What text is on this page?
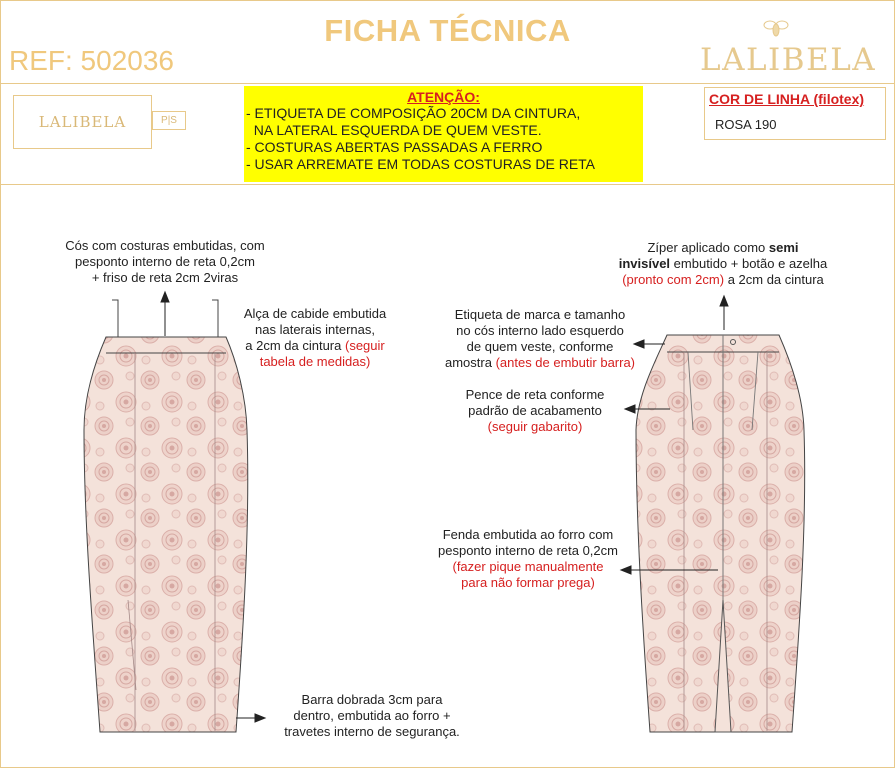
FICHA TÉCNICA
REF: 502036	LALIBELA
LALIBELA	P|S
ATENÇÃO:
- ETIQUETA DE COMPOSIÇÃO 20CM DA CINTURA,
NA LATERAL ESQUERDA DE QUEM VESTE.
- COSTURAS ABERTAS PASSADAS A FERRO
- USAR ARREMATE EM TODAS COSTURAS DE RETA
COR DE LINHA (filotex)
ROSA 190
Cós com costuras embutidas, com
pesponto interno de reta 0,2cm
+ friso de reta 2cm 2viras
Alça de cabide embutida
nas laterais internas,
a 2cm da cintura (seguir
tabela de medidas)
Barra dobrada 3cm para
dentro, embutida ao forro +
travetes interno de segurança.
Zíper aplicado como semi
invisível embutido + botão e azelha
(pronto com 2cm) a 2cm da cintura
Etiqueta de marca e tamanho
no cós interno lado esquerdo
de quem veste, conforme
amostra (antes de embutir barra)
Pence de reta conforme
padrão de acabamento
(seguir gabarito)
Fenda embutida ao forro com
pesponto interno de reta 0,2cm
(fazer pique manualmente
para não formar prega)
